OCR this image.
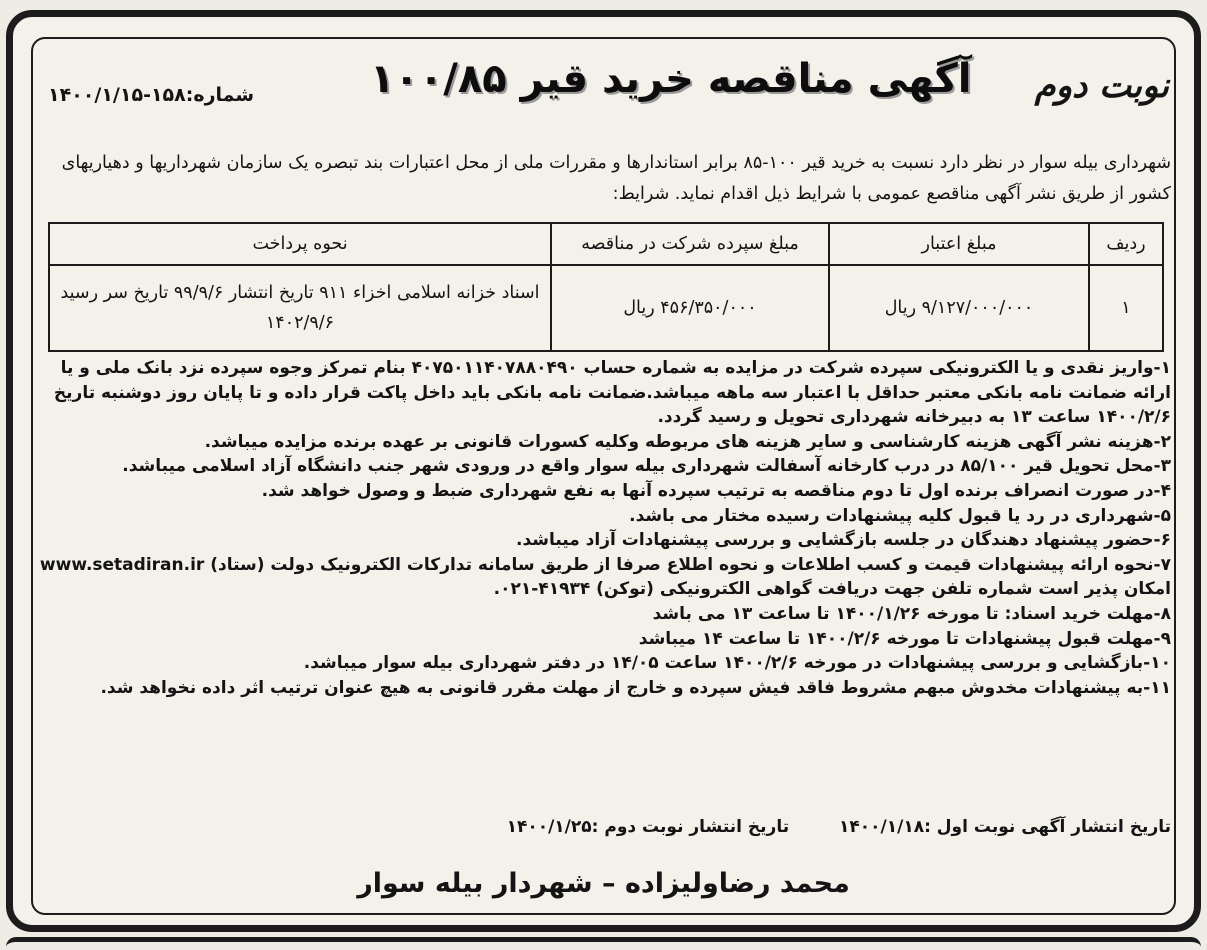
نوبت دوم
آگهی مناقصه خرید قیر ۱۰۰/۸۵
شماره:۱۵۸-۱۴۰۰/۱/۱۵
شهرداری بیله سوار در نظر دارد نسبت به خرید قیر ۱۰۰-۸۵ برابر استاندارها و مقررات ملی از محل اعتبارات بند تبصره یک سازمان شهرداریها و دهیاریهای کشور از طریق نشر آگهی مناقصع عمومی با شرایط ذیل اقدام نماید. شرایط:
ردیف	مبلغ اعتبار	مبلغ سپرده شرکت در مناقصه	نحوه پرداخت
۱	۹/۱۲۷/۰۰۰/۰۰۰ ریال	۴۵۶/۳۵۰/۰۰۰ ریال	اسناد خزانه اسلامی اخزاء ۹۱۱ تاریخ انتشار ۹۹/۹/۶ تاریخ سر رسید ۱۴۰۲/۹/۶

۱-واریز نقدی و یا الکترونیکی سپرده شرکت در مزایده به شماره حساب ۴۰۷۵۰۱۱۴۰۷۸۸۰۴۹۰ بنام تمرکز وجوه سپرده نزد بانک ملی و یا ارائه ضمانت نامه بانکی معتبر حداقل با اعتبار سه ماهه میباشد.ضمانت نامه بانکی باید داخل پاکت قرار داده و تا پایان روز دوشنبه تاریخ ۱۴۰۰/۲/۶ ساعت ۱۳ به دبیرخانه شهرداری تحویل و رسید گردد.

۲-هزینه نشر آگهی هزینه کارشناسی و سایر هزینه های مربوطه وکلیه کسورات قانونی بر عهده برنده مزایده میباشد.

۳-محل تحویل قیر ۸۵/۱۰۰ در درب کارخانه آسفالت شهرداری بیله سوار واقع در ورودی شهر جنب دانشگاه آزاد اسلامی میباشد.

۴-در صورت انصراف برنده اول تا دوم مناقصه به ترتیب سپرده آنها به نفع شهرداری ضبط و وصول خواهد شد.

۵-شهرداری در رد یا قبول کلیه پیشنهادات رسیده مختار می باشد.

۶-حضور پیشنهاد دهندگان در جلسه بازگشایی و بررسی پیشنهادات آزاد میباشد.

۷-نحوه ارائه پیشنهادات قیمت و کسب اطلاعات و نحوه اطلاع صرفا از طریق سامانه تدارکات الکترونیک دولت (ستاد) www.setadiran.ir امکان پذیر است شماره تلفن جهت دریافت گواهی الکترونیکی (توکن) ۴۱۹۳۴-۰۲۱.

۸-مهلت خرید اسناد: تا مورخه ۱۴۰۰/۱/۲۶ تا ساعت ۱۳ می باشد

۹-مهلت قبول پیشنهادات تا مورخه ۱۴۰۰/۲/۶ تا ساعت ۱۴ میباشد

۱۰-بازگشایی و بررسی پیشنهادات در مورخه ۱۴۰۰/۲/۶ ساعت ۱۴/۰۵ در دفتر شهرداری بیله سوار میباشد.

۱۱-به پیشنهادات مخدوش مبهم مشروط فاقد فیش سپرده و خارج از مهلت مقرر قانونی به هیچ عنوان ترتیب اثر داده نخواهد شد.

تاریخ انتشار آگهی نوبت اول :۱۴۰۰/۱/۱۸ تاریخ انتشار نوبت دوم :۱۴۰۰/۱/۲۵
محمد رضاولیزاده – شهردار بیله سوار
